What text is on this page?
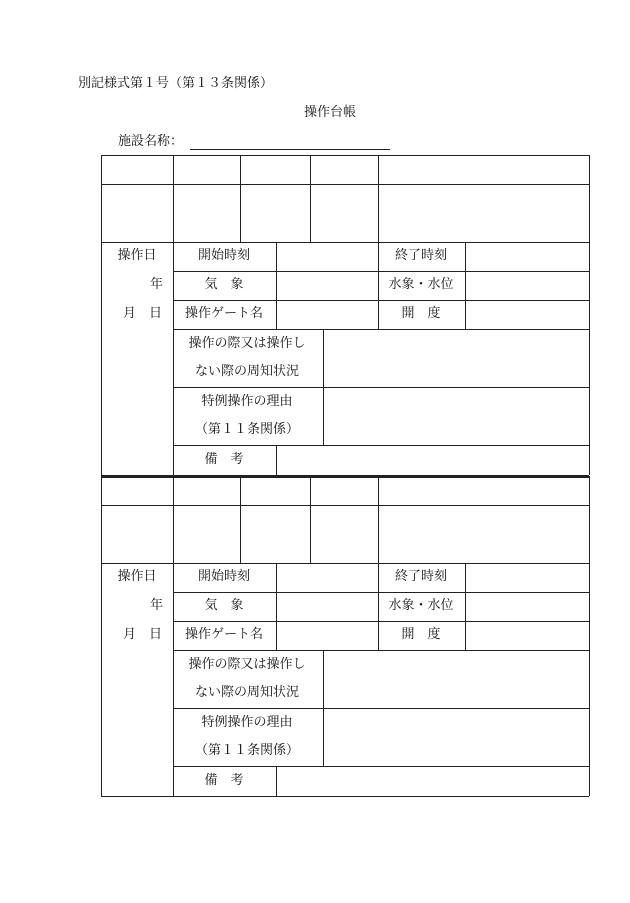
別記様式第１号（第１３条関係）
操作台帳
施設名称：
操作日
年
月　日
開始時刻	終了時刻
気　象	水象・水位
操作ゲート名	開　度
操作の際又は操作し
ない際の周知状況
特例操作の理由
（第１１条関係）
備　考
操作日
年
月　日
開始時刻	終了時刻
気　象	水象・水位
操作ゲート名	開　度
操作の際又は操作し
ない際の周知状況
特例操作の理由
（第１１条関係）
備　考
